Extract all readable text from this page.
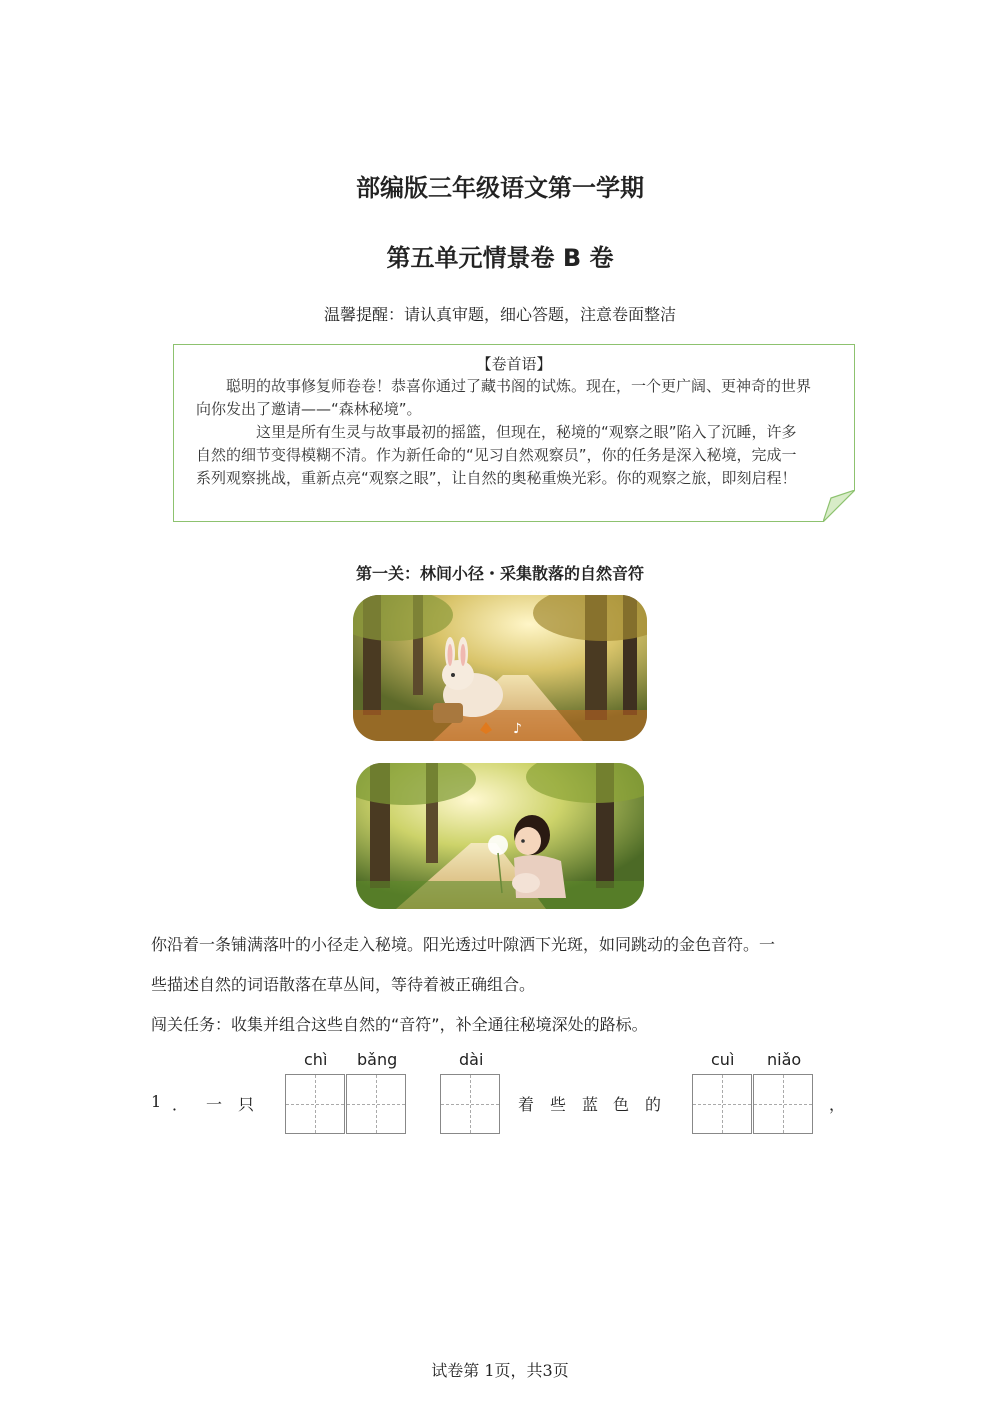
部编版三年级语文第一学期
第五单元情景卷 B 卷
温馨提醒：请认真审题，细心答题，注意卷面整洁
【卷首语】

聪明的故事修复师卷卷！恭喜你通过了藏书阁的试炼。现在，一个更广阔、更神奇的世界向你发出了邀请——“森林秘境”。

这里是所有生灵与故事最初的摇篮，但现在，秘境的“观察之眼”陷入了沉睡，许多自然的细节变得模糊不清。作为新任命的“见习自然观察员”，你的任务是深入秘境，完成一系列观察挑战，重新点亮“观察之眼”，让自然的奥秘重焕光彩。你的观察之旅，即刻启程！

第一关：林间小径・采集散落的自然音符
♪
你沿着一条铺满落叶的小径走入秘境。阳光透过叶隙洒下光斑，如同跳动的金色音符。一
些描述自然的词语散落在草丛间，等待着被正确组合。
闯关任务：收集并组合这些自然的“音符”，补全通往秘境深处的路标。
1 ． 一 只
chì bǎng	dài
着 些 蓝 色 的
cuì niǎo
，
试卷第 1页，共3页
